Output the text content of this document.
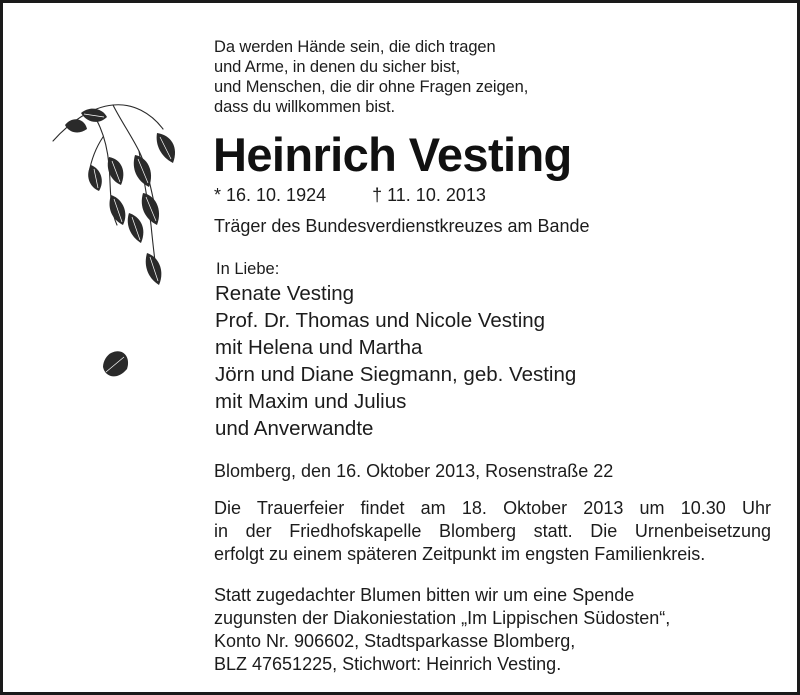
Da werden Hände sein, die dich tragen
und Arme, in denen du sicher bist,
und Menschen, die dir ohne Fragen zeigen,
dass du willkommen bist.
Heinrich Vesting
* 16. 10. 1924	† 11. 10. 2013
Träger des Bundesverdienstkreuzes am Bande
In Liebe:
Renate Vesting
Prof. Dr. Thomas und Nicole Vesting
mit Helena und Martha
Jörn und Diane Siegmann, geb. Vesting
mit Maxim und Julius
und Anverwandte
Blomberg, den 16. Oktober 2013, Rosenstraße 22
Die Trauerfeier findet am 18. Oktober 2013 um 10.30 Uhr
in der Friedhofskapelle Blomberg statt. Die Urnenbeisetzung
erfolgt zu einem späteren Zeitpunkt im engsten Familienkreis.
Statt zugedachter Blumen bitten wir um eine Spende
zugunsten der Diakoniestation „Im Lippischen Südosten“,
Konto Nr. 906602, Stadtsparkasse Blomberg,
BLZ 47651225, Stichwort: Heinrich Vesting.
